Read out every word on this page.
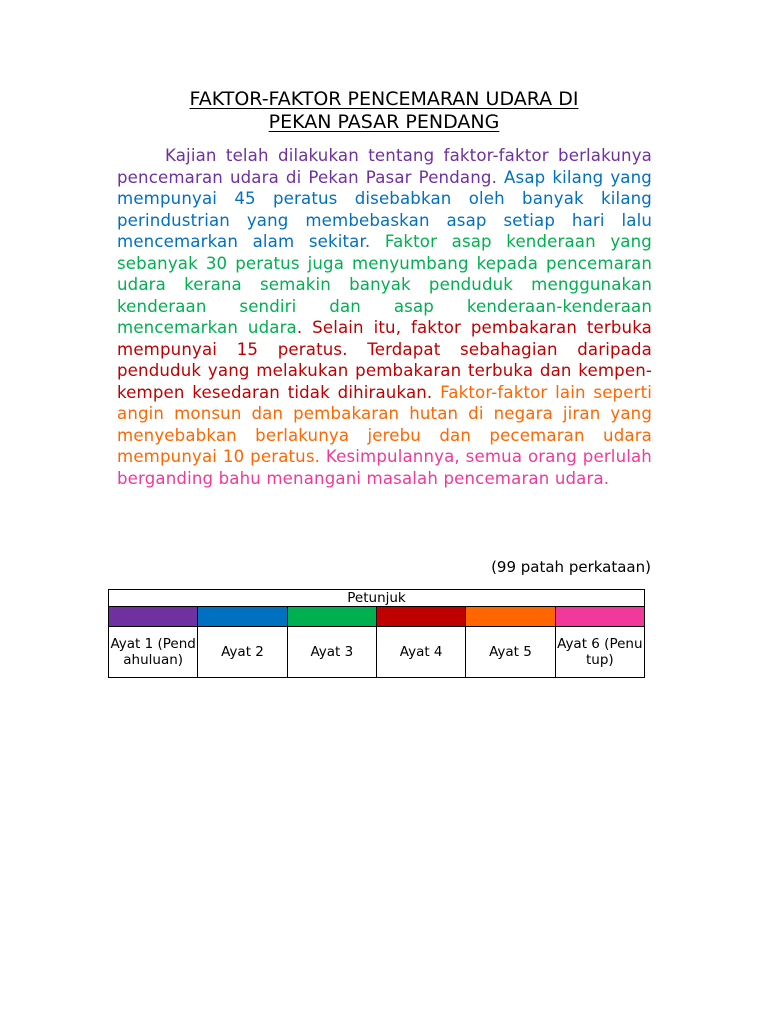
FAKTOR-FAKTOR PENCEMARAN UDARA DI
PEKAN PASAR PENDANG

Kajian telah dilakukan tentang faktor-faktor berlakunya pencemaran udara di Pekan Pasar Pendang. Asap kilang yang mempunyai 45 peratus disebabkan oleh banyak kilang perindustrian yang membebaskan asap setiap hari lalu mencemarkan alam sekitar. Faktor asap kenderaan yang sebanyak 30 peratus juga menyumbang kepada pencemaran udara kerana semakin banyak penduduk menggunakan kenderaan sendiri dan asap kenderaan-kenderaan mencemarkan udara. Selain itu, faktor pembakaran terbuka mempunyai 15 peratus. Terdapat sebahagian daripada penduduk yang melakukan pembakaran terbuka dan kempen-kempen kesedaran tidak dihiraukan. Faktor-faktor lain seperti angin monsun dan pembakaran hutan di negara jiran yang menyebabkan berlakunya jerebu dan pecemaran udara mempunyai 10 peratus. Kesimpulannya, semua orang perlulah berganding bahu menangani masalah pencemaran udara.

(99 patah perkataan)
Petunjuk					

Ayat 1 (Pendahuluan)	Ayat 2	Ayat 3	Ayat 4	Ayat 5	Ayat 6 (Penutup)
